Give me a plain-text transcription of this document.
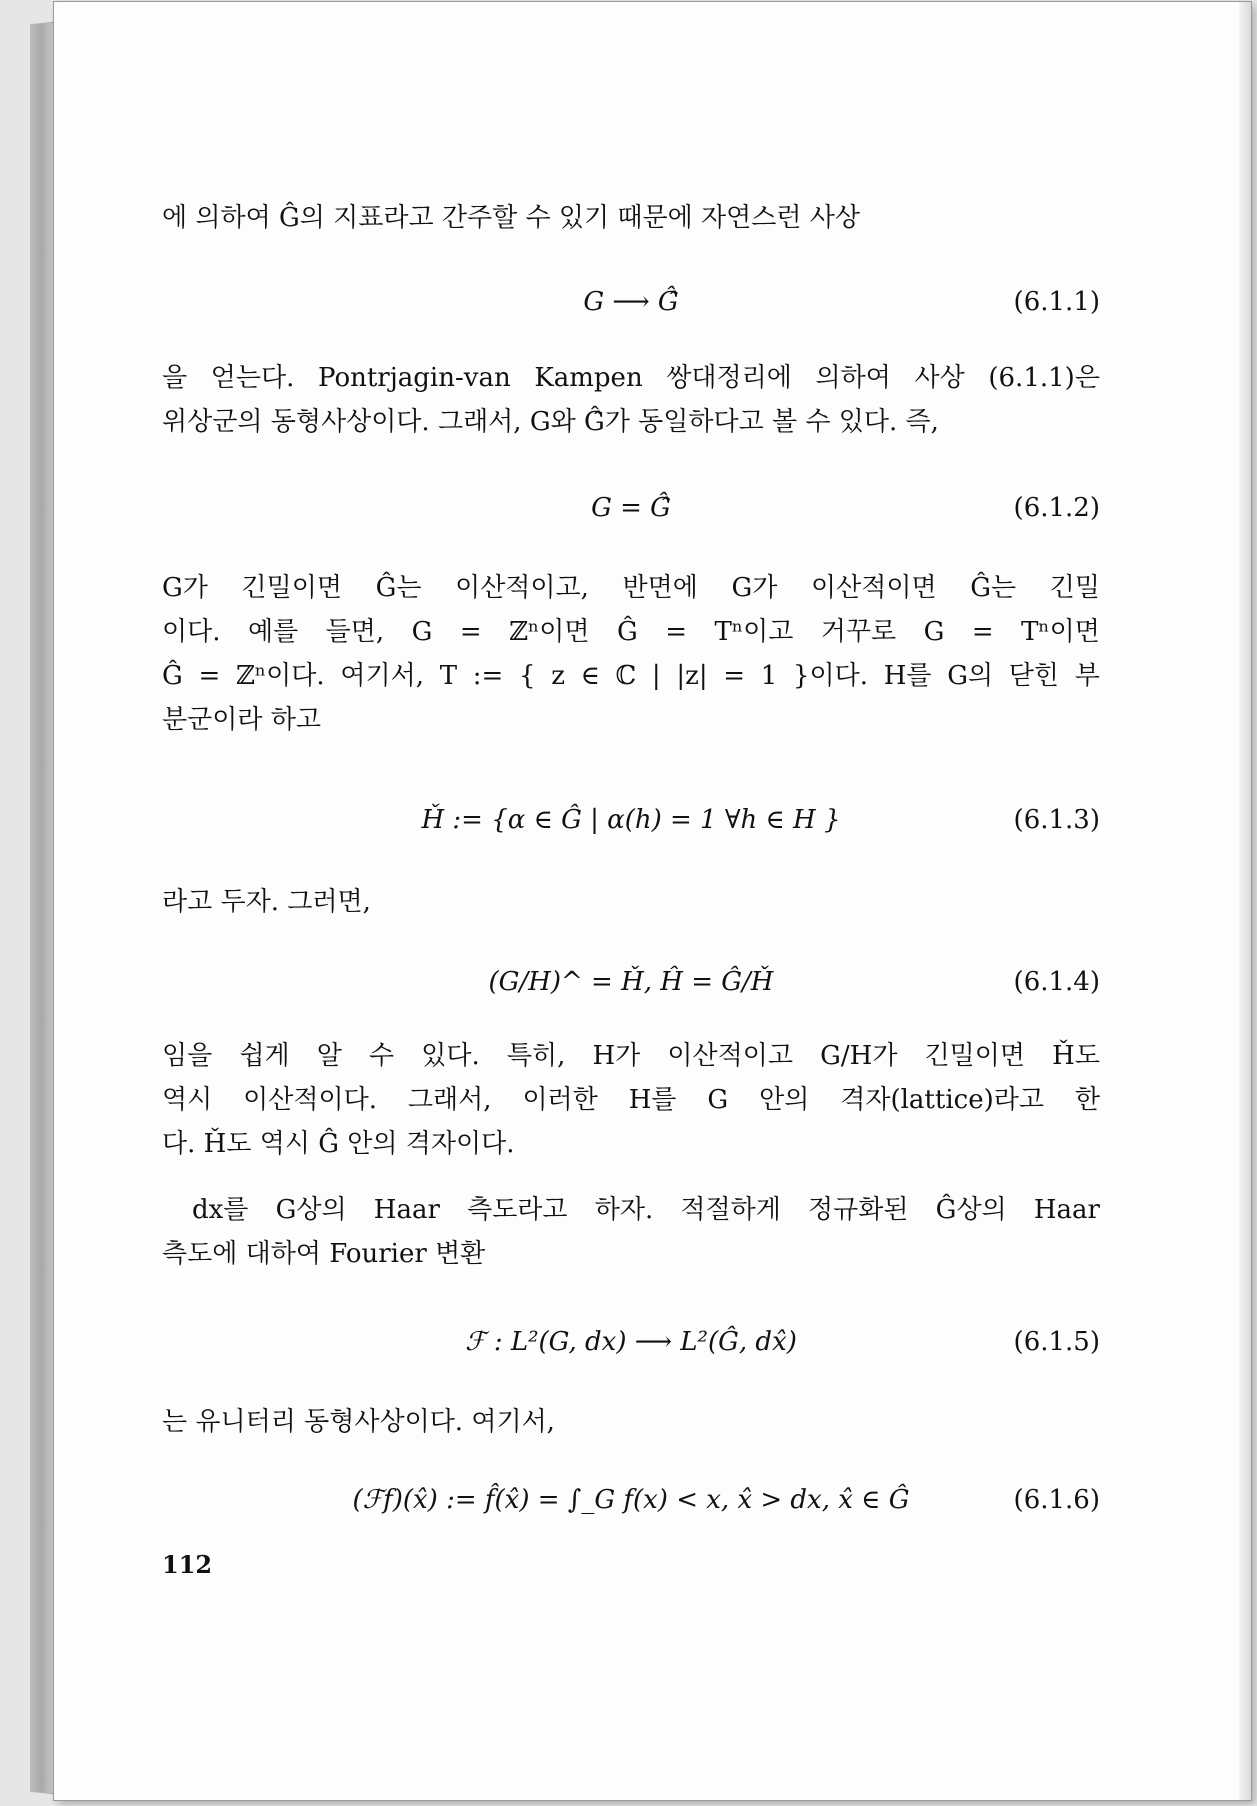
에 의하여 Ĝ의 지표라고 간주할 수 있기 때문에 자연스런 사상
G ⟶ Ĝ̂	(6.1.1)
을 얻는다. Pontrjagin-van Kampen 쌍대정리에 의하여 사상 (6.1.1)은
위상군의 동형사상이다. 그래서, G와 Ĝ̂가 동일하다고 볼 수 있다. 즉,
G = Ĝ̂	(6.1.2)
G가 긴밀이면 Ĝ는 이산적이고, 반면에 G가 이산적이면 Ĝ는 긴밀
이다. 예를 들면, G = ℤⁿ이면 Ĝ = Tⁿ이고 거꾸로 G = Tⁿ이면
Ĝ = ℤⁿ이다. 여기서, T := { z ∈ ℂ | |z| = 1 }이다. H를 G의 닫힌 부
분군이라 하고
Ȟ := {α ∈ Ĝ | α(h) = 1 ∀h ∈ H }	(6.1.3)
라고 두자. 그러면,
(G/H)^ = Ȟ, Ĥ = Ĝ/Ȟ	(6.1.4)
임을 쉽게 알 수 있다. 특히, H가 이산적이고 G/H가 긴밀이면 Ȟ도
역시 이산적이다. 그래서, 이러한 H를 G 안의 격자(lattice)라고 한
다. Ȟ도 역시 Ĝ 안의 격자이다.
dx를 G상의 Haar 측도라고 하자. 적절하게 정규화된 Ĝ상의 Haar
측도에 대하여 Fourier 변환
ℱ : L²(G, dx) ⟶ L²(Ĝ, dx̂)	(6.1.5)
는 유니터리 동형사상이다. 여기서,
(ℱf)(x̂) := f̂(x̂) = ∫_G f(x) < x, x̂ > dx, x̂ ∈ Ĝ	(6.1.6)
112
